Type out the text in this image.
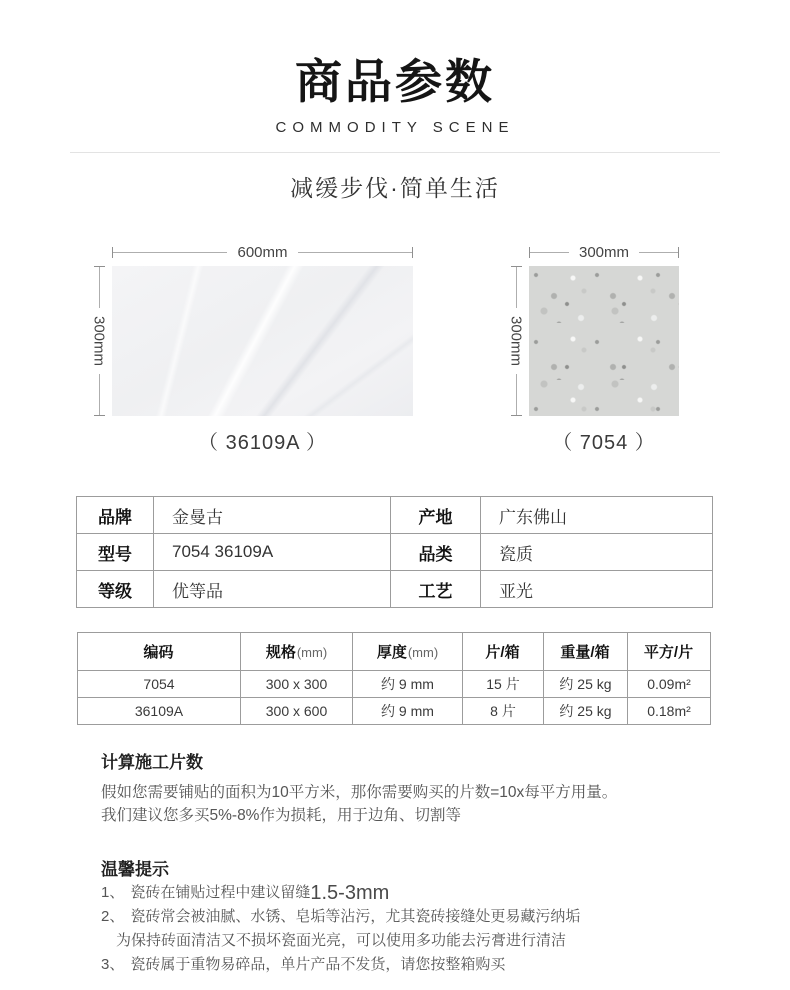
商品参数
COMMODITY SCENE
减缓步伐·简单生活
600mm
300mm
（ 36109A ）
300mm
300mm
（ 7054 ）
品牌	金曼古	产地	广东佛山
型号	7054 36109A	品类	瓷质
等级	优等品	工艺	亚光
编码	规格(mm)	厚度(mm)	片/箱	重量/箱	平方/片
7054	300 x 300	约 9 mm	15 片	约 25 kg	0.09m²
36109A	300 x 600	约 9 mm	8 片	约 25 kg	0.18m²
计算施工片数

假如您需要铺贴的面积为10平方米，那你需要购买的片数=10x每平方用量。

我们建议您多买5%-8%作为损耗，用于边角、切割等

温馨提示
1、 瓷砖在铺贴过程中建议留缝 1.5-3mm
2、 瓷砖常会被油腻、水锈、皂垢等沾污，尤其瓷砖接缝处更易藏污纳垢
为保持砖面清洁又不损坏瓷面光亮，可以使用多功能去污膏进行清洁
3、 瓷砖属于重物易碎品，单片产品不发货，请您按整箱购买
